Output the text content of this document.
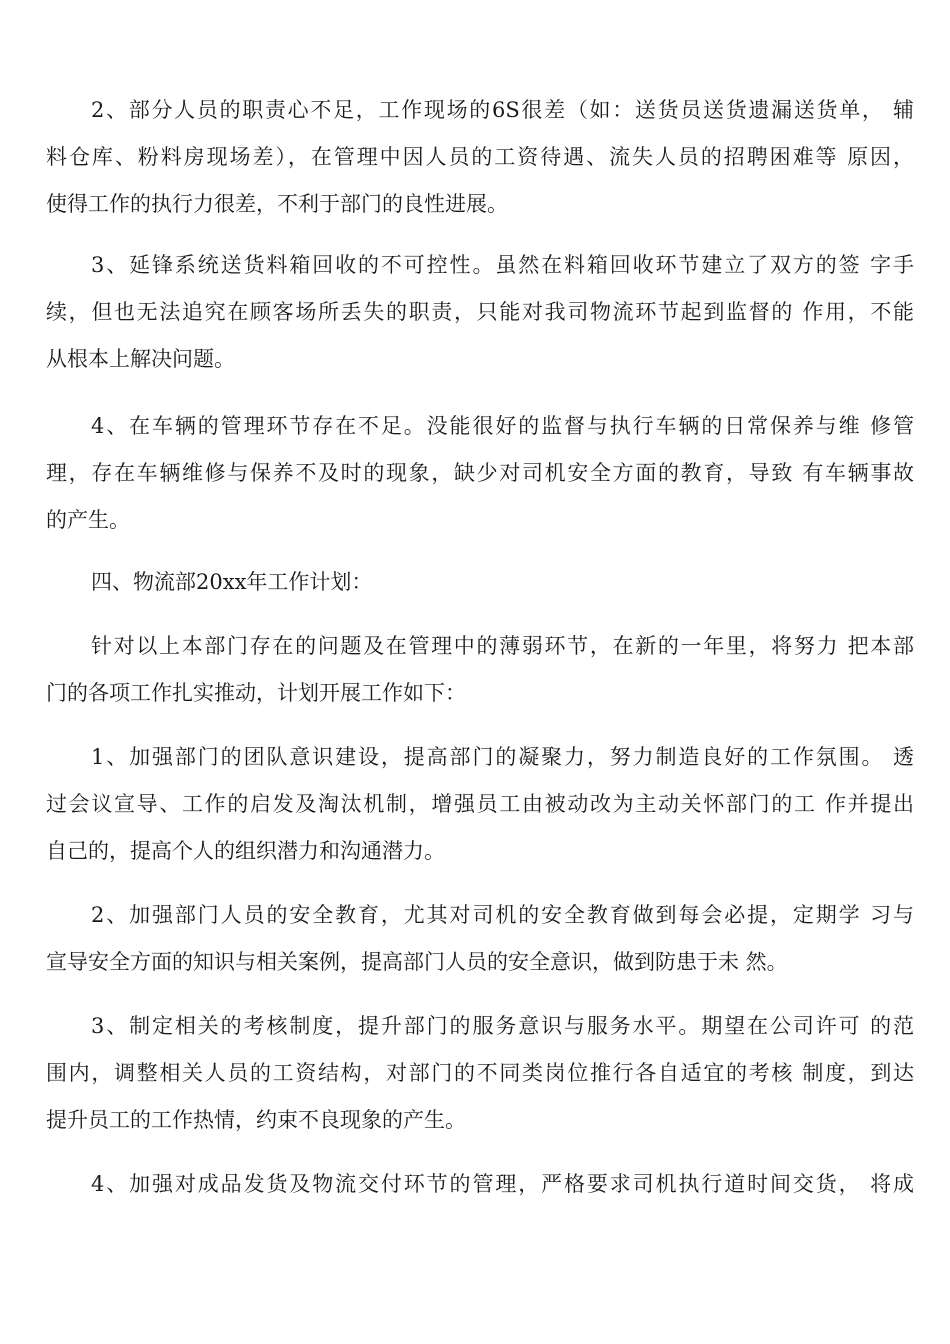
2、部分人员的职责心不足，工作现场的6S很差（如：送货员送货遗漏送货单， 辅
料仓库、粉料房现场差），在管理中因人员的工资待遇、流失人员的招聘困难等 原因，
使得工作的执行力很差，不利于部门的良性进展。
3、延锋系统送货料箱回收的不可控性。虽然在料箱回收环节建立了双方的签 字手
续，但也无法追究在顾客场所丢失的职责，只能对我司物流环节起到监督的 作用，不能
从根本上解决问题。
4、在车辆的管理环节存在不足。没能很好的监督与执行车辆的日常保养与维 修管
理，存在车辆维修与保养不及时的现象，缺少对司机安全方面的教育，导致 有车辆事故
的产生。
四、物流部20xx年工作计划：
针对以上本部门存在的问题及在管理中的薄弱环节，在新的一年里，将努力 把本部
门的各项工作扎实推动，计划开展工作如下：
1、加强部门的团队意识建设，提高部门的凝聚力，努力制造良好的工作氛围。 透
过会议宣导、工作的启发及淘汰机制，增强员工由被动改为主动关怀部门的工 作并提出
自己的，提高个人的组织潜力和沟通潜力。
2、加强部门人员的安全教育，尤其对司机的安全教育做到每会必提，定期学 习与
宣导安全方面的知识与相关案例，提高部门人员的安全意识，做到防患于未 然。
3、制定相关的考核制度，提升部门的服务意识与服务水平。期望在公司许可 的范
围内，调整相关人员的工资结构，对部门的不同类岗位推行各自适宜的考核 制度，到达
提升员工的工作热情，约束不良现象的产生。
4、加强对成品发货及物流交付环节的管理，严格要求司机执行道时间交货， 将成
